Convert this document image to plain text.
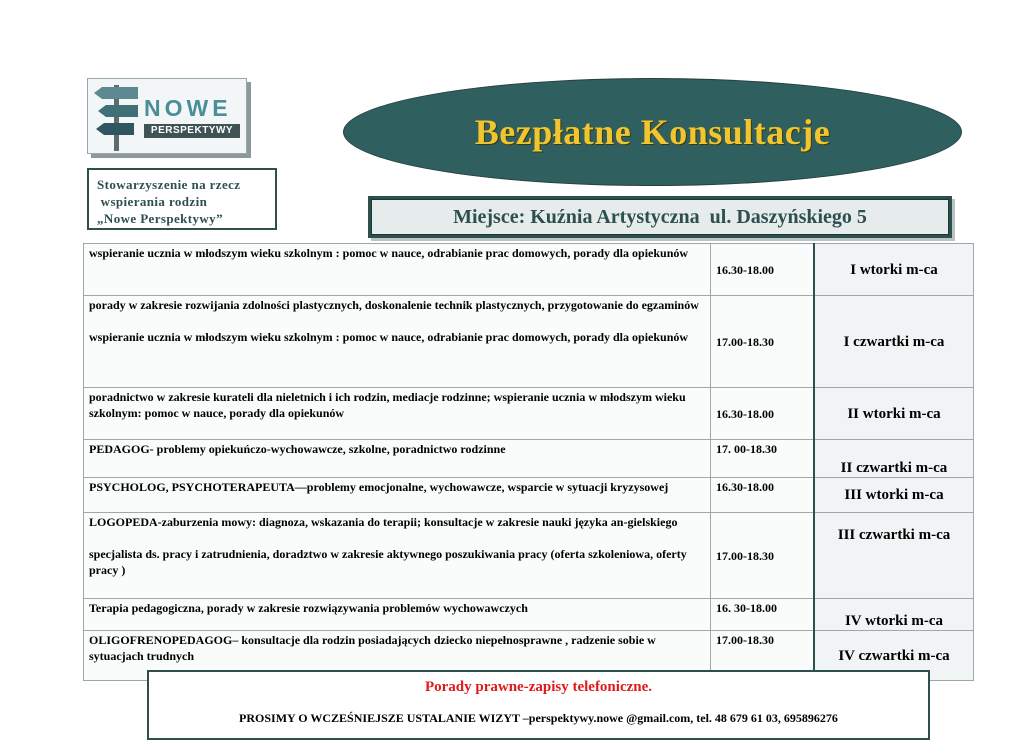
NOWE
PERSPEKTYWY
Stowarzyszenie na rzecz
wspierania rodzin
„Nowe Perspektywy”
Bezpłatne Konsultacje
Miejsce: Kuźnia Artystyczna  ul. Daszyńskiego 5

wspieranie ucznia w młodszym wieku szkolnym : pomoc w nauce, odrabianie prac domowych, porady dla opiekunów	16.30-18.00	I wtorki m-ca

porady w zakresie rozwijania zdolności plastycznych, doskonalenie technik plastycznych, przygotowanie do egzaminów

wspieranie ucznia w młodszym wieku szkolnym : pomoc w nauce, odrabianie prac domowych, porady dla opiekunów	17.00-18.30	I czwartki m-ca

poradnictwo w zakresie kurateli dla nieletnich i ich rodzin, mediacje rodzinne; wspieranie ucznia w młodszym wieku szkolnym: pomoc w nauce, porady dla opiekunów	16.30-18.00	II wtorki m-ca

PEDAGOG- problemy opiekuńczo-wychowawcze, szkolne, poradnictwo rodzinne	17. 00-18.30	II czwartki m-ca

PSYCHOLOG, PSYCHOTERAPEUTA—problemy emocjonalne, wychowawcze, wsparcie w sytuacji kryzysowej	16.30-18.00	III wtorki m-ca

LOGOPEDA-zaburzenia mowy: diagnoza, wskazania do terapii; konsultacje w zakresie nauki języka an-gielskiego

specjalista ds. pracy i zatrudnienia, doradztwo w zakresie aktywnego poszukiwania pracy (oferta szkoleniowa, oferty pracy )	17.00-18.30	III czwartki m-ca

Terapia pedagogiczna, porady w zakresie rozwiązywania problemów wychowawczych	16. 30-18.00	IV wtorki m-ca

OLIGOFRENOPEDAGOG– konsultacje dla rodzin posiadających dziecko niepełnosprawne , radzenie sobie w sytuacjach trudnych	17.00-18.30	IV czwartki m-ca
Porady prawne-zapisy telefoniczne.
PROSIMY O WCZEŚNIEJSZE USTALANIE WIZYT –perspektywy.nowe @gmail.com, tel. 48 679 61 03, 695896276
